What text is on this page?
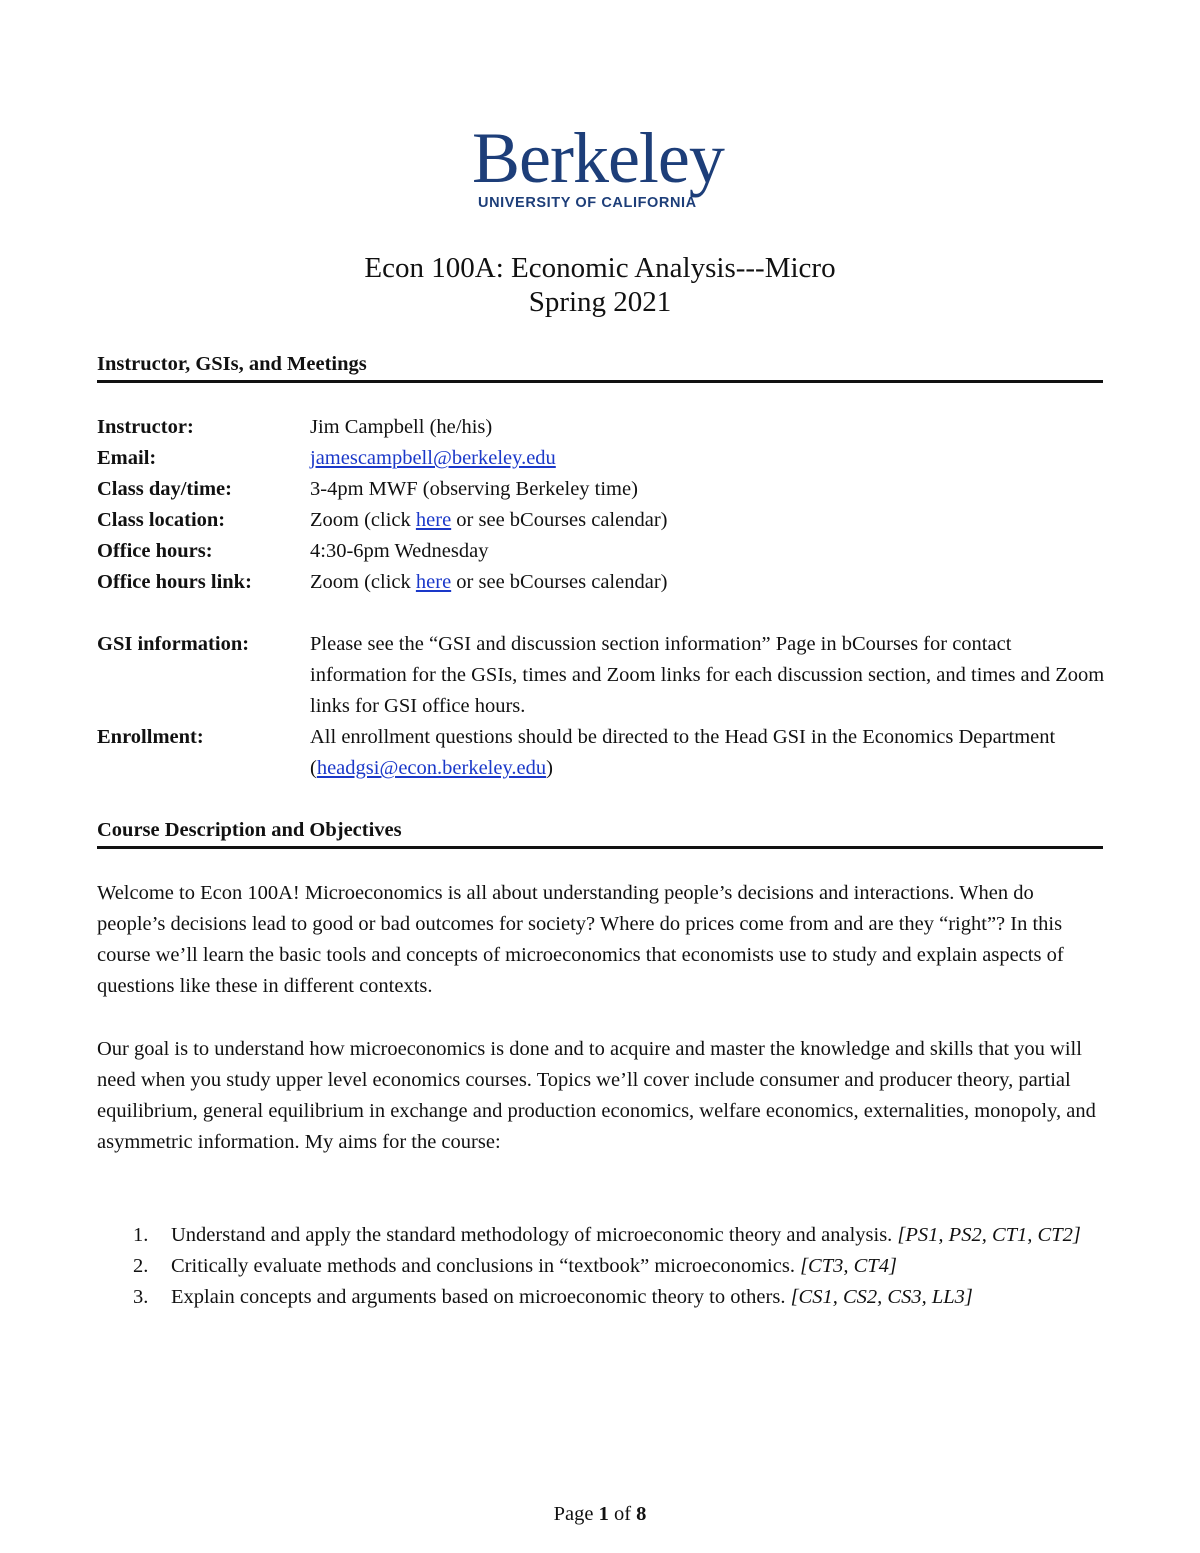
Berkeley
UNIVERSITY OF CALIFORNIA
Econ 100A: Economic Analysis---Micro
Spring 2021
Instructor, GSIs, and Meetings
Instructor:	Jim Campbell (he/his)
Email:	jamescampbell@berkeley.edu
Class day/time:	3-4pm MWF (observing Berkeley time)
Class location:	Zoom (click here or see bCourses calendar)
Office hours:	4:30-6pm Wednesday
Office hours link:	Zoom (click here or see bCourses calendar)
GSI information:	Please see the “GSI and discussion section information” Page in bCourses for contact information for the GSIs, times and Zoom links for each discussion section, and times and Zoom links for GSI office hours.
Enrollment:	All enrollment questions should be directed to the Head GSI in the Economics Department (headgsi@econ.berkeley.edu)
Course Description and Objectives
Welcome to Econ 100A! Microeconomics is all about understanding people’s decisions and interactions. When do people’s decisions lead to good or bad outcomes for society? Where do prices come from and are they “right”? In this course we’ll learn the basic tools and concepts of microeconomics that economists use to study and explain aspects of questions like these in different contexts.
Our goal is to understand how microeconomics is done and to acquire and master the knowledge and skills that you will need when you study upper level economics courses. Topics we’ll cover include consumer and producer theory, partial equilibrium, general equilibrium in exchange and production economics, welfare economics, externalities, monopoly, and asymmetric information. My aims for the course:
1. Understand and apply the standard methodology of microeconomic theory and analysis. [PS1, PS2, CT1, CT2]
2. Critically evaluate methods and conclusions in “textbook” microeconomics. [CT3, CT4]
3. Explain concepts and arguments based on microeconomic theory to others. [CS1, CS2, CS3, LL3]
Page 1 of 8
